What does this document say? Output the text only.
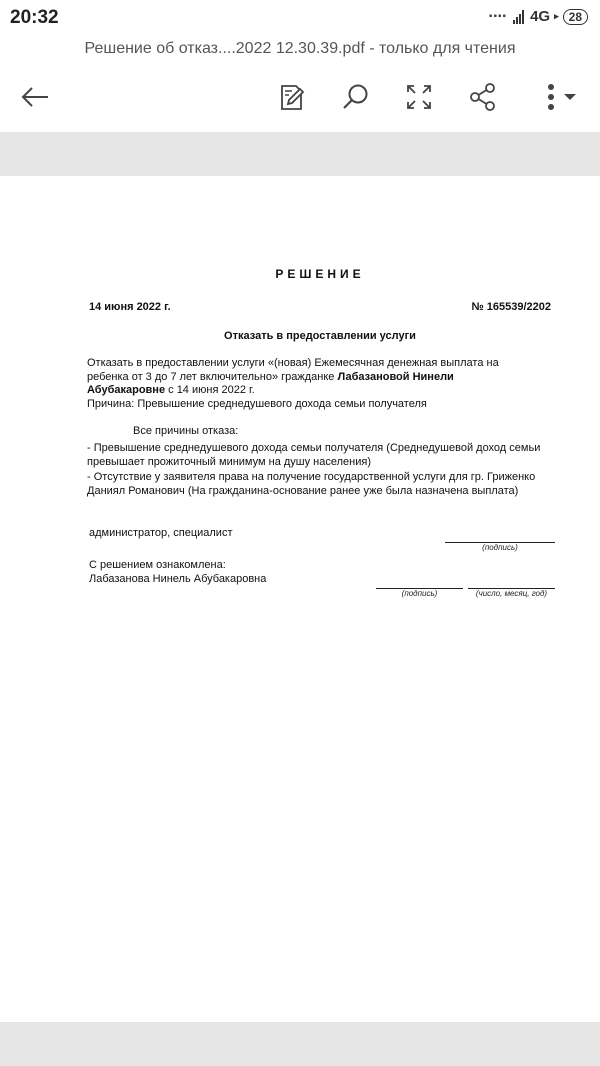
20:32	▪▪▪▪ 4G ▸ 28
Решение об отказ....2022 12.30.39.pdf - только для чтения
РЕШЕНИЕ
14 июня 2022 г.	№ 165539/2202
Отказать в предоставлении услуги
Отказать в предоставлении услуги «(новая) Ежемесячная денежная выплата на
ребенка от 3 до 7 лет включительно» гражданке Лабазановой Нинели
Абубакаровне с 14 июня 2022 г.
Причина: Превышение среднедушевого дохода семьи получателя
Все причины отказа:
- Превышение среднедушевого дохода семьи получателя (Среднедушевой доход семьи превышает прожиточный минимум на душу населения)
- Отсутствие у заявителя права на получение государственной услуги для гр. Гриженко Даниял Романович (На гражданина-основание ранее уже была назначена выплата)
администратор, специалист
(подпись)
С решением ознакомлена:
Лабазанова Нинель Абубакаровна
(подпись)	(число, месяц, год)
